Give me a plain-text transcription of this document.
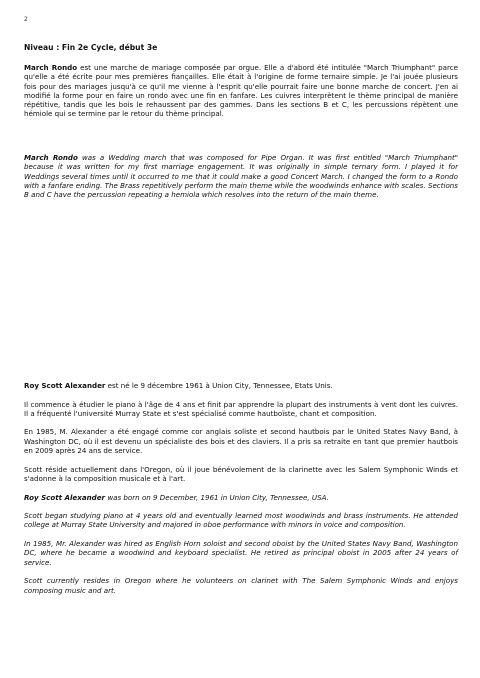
2
Niveau : Fin 2e Cycle, début 3e

March Rondo est une marche de mariage composée par orgue. Elle a d'abord été intitulée "March Triumphant" parce qu'elle a été écrite pour mes premières fiançailles. Elle était à l'origine de forme ternaire simple. Je l'ai jouée plusieurs fois pour des mariages jusqu'à ce qu'il me vienne à l'esprit qu'elle pourrait faire une bonne marche de concert. J'en ai modifié la forme pour en faire un rondo avec une fin en fanfare. Les cuivres interprètent le thème principal de manière répétitive, tandis que les bois le rehaussent par des gammes. Dans les sections B et C, les percussions répètent une hémiole qui se termine par le retour du thème principal.

March Rondo was a Wedding march that was composed for Pipe Organ. It was first entitled "March Triumphant" because it was written for my first marriage engagement. It was originally in simple ternary form. I played it for Weddings several times until it occurred to me that it could make a good Concert March. I changed the form to a Rondo with a fanfare ending. The Brass repetitively perform the main theme while the woodwinds enhance with scales. Sections B and C have the percussion repeating a hemiola which resolves into the return of the main theme.

Roy Scott Alexander est né le 9 décembre 1961 à Union City, Tennessee, Etats Unis.

Il commence à étudier le piano à l'âge de 4 ans et finit par apprendre la plupart des instruments à vent dont les cuivres. Il a fréquenté l'université Murray State et s'est spécialisé comme hautboïste, chant et composition.

En 1985, M. Alexander a été engagé comme cor anglais soliste et second hautbois par le United States Navy Band, à Washington DC, où il est devenu un spécialiste des bois et des claviers. Il a pris sa retraite en tant que premier hautbois en 2009 après 24 ans de service.

Scott réside actuellement dans l'Oregon, où il joue bénévolement de la clarinette avec les Salem Symphonic Winds et s'adonne à la composition musicale et à l'art.

Roy Scott Alexander was born on 9 December, 1961 in Union City, Tennessee, USA.

Scott began studying piano at 4 years old and eventually learned most woodwinds and brass instruments. He attended college at Murray State University and majored in oboe performance with minors in voice and composition.

In 1985, Mr. Alexander was hired as English Horn soloist and second oboist by the United States Navy Band, Washington DC, where he became a woodwind and keyboard specialist. He retired as principal oboist in 2005 after 24 years of service.

Scott currently resides in Oregon where he volunteers on clarinet with The Salem Symphonic Winds and enjoys composing music and art.
